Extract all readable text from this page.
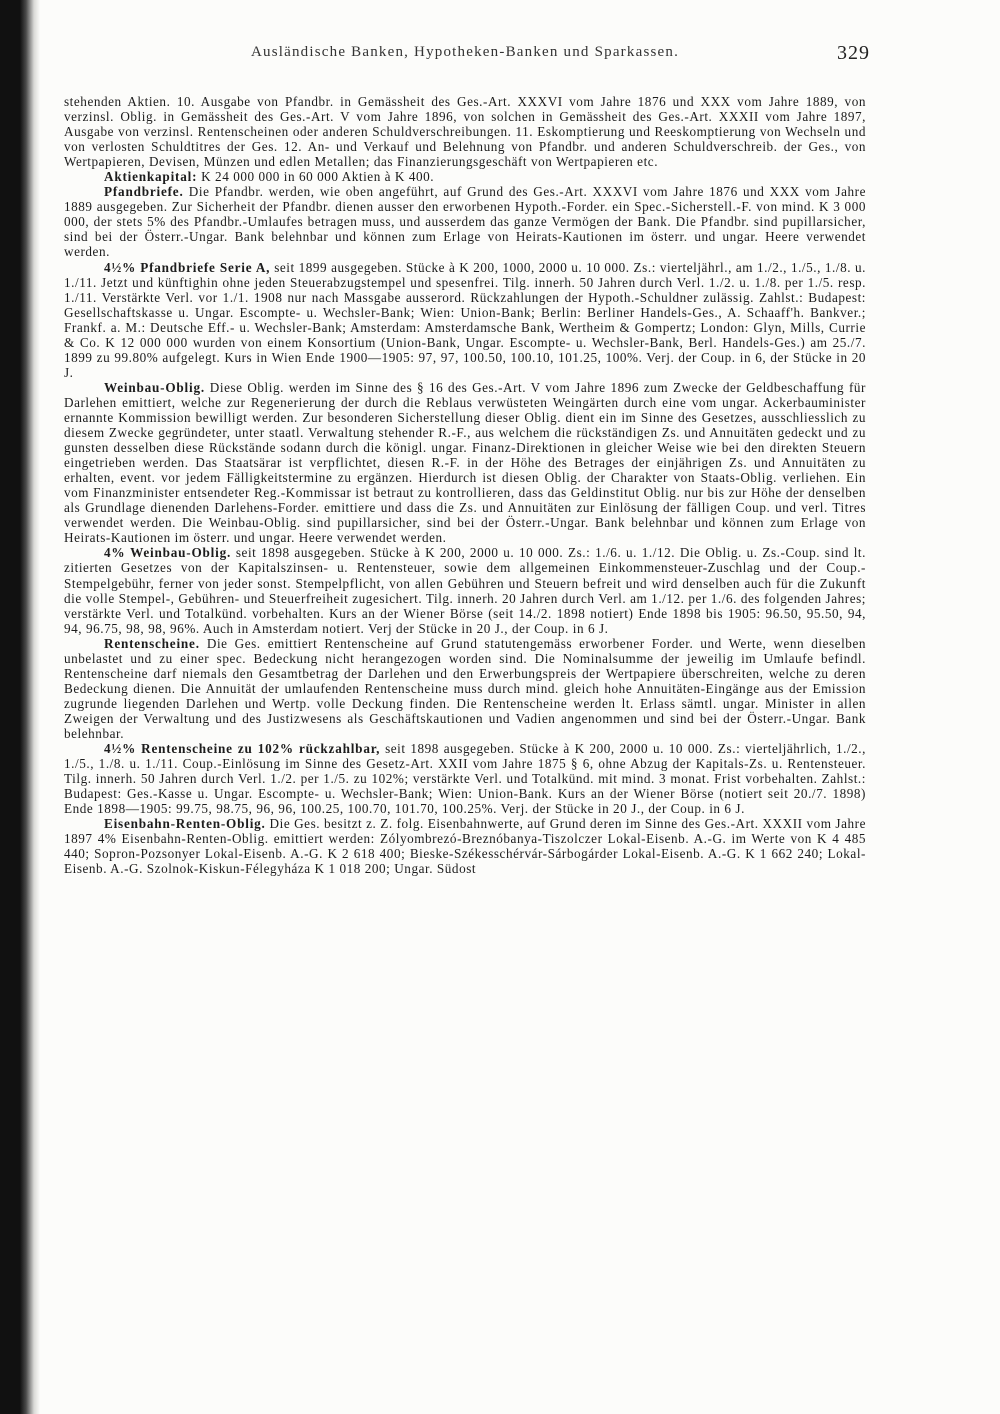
Ausländische Banken, Hypotheken-Banken und Sparkassen.	329

stehenden Aktien. 10. Ausgabe von Pfandbr. in Gemässheit des Ges.-Art. XXXVI vom Jahre 1876 und XXX vom Jahre 1889, von verzinsl. Oblig. in Gemässheit des Ges.-Art. V vom Jahre 1896, von solchen in Gemässheit des Ges.-Art. XXXII vom Jahre 1897, Ausgabe von verzinsl. Rentenscheinen oder anderen Schuldverschreibungen. 11. Eskomptierung und Reeskomptierung von Wechseln und von verlosten Schuldtitres der Ges. 12. An- und Verkauf und Belehnung von Pfandbr. und anderen Schuldverschreib. der Ges., von Wertpapieren, Devisen, Münzen und edlen Metallen; das Finanzierungsgeschäft von Wertpapieren etc.

Aktienkapital: K 24 000 000 in 60 000 Aktien à K 400.

Pfandbriefe. Die Pfandbr. werden, wie oben angeführt, auf Grund des Ges.-Art. XXXVI vom Jahre 1876 und XXX vom Jahre 1889 ausgegeben. Zur Sicherheit der Pfandbr. dienen ausser den erworbenen Hypoth.-Forder. ein Spec.-Sicherstell.-F. von mind. K 3 000 000, der stets 5% des Pfandbr.-Umlaufes betragen muss, und ausserdem das ganze Vermögen der Bank. Die Pfandbr. sind pupillarsicher, sind bei der Österr.-Ungar. Bank belehnbar und können zum Erlage von Heirats-Kautionen im österr. und ungar. Heere verwendet werden.

4½% Pfandbriefe Serie A, seit 1899 ausgegeben. Stücke à K 200, 1000, 2000 u. 10 000. Zs.: vierteljährl., am 1./2., 1./5., 1./8. u. 1./11. Jetzt und künftighin ohne jeden Steuerabzugstempel und spesenfrei. Tilg. innerh. 50 Jahren durch Verl. 1./2. u. 1./8. per 1./5. resp. 1./11. Verstärkte Verl. vor 1./1. 1908 nur nach Massgabe ausserord. Rückzahlungen der Hypoth.-Schuldner zulässig. Zahlst.: Budapest: Gesellschaftskasse u. Ungar. Escompte- u. Wechsler-Bank; Wien: Union-Bank; Berlin: Berliner Handels-Ges., A. Schaaff'h. Bankver.; Frankf. a. M.: Deutsche Eff.- u. Wechsler-Bank; Amsterdam: Amsterdamsche Bank, Wertheim & Gompertz; London: Glyn, Mills, Currie & Co. K 12 000 000 wurden von einem Konsortium (Union-Bank, Ungar. Escompte- u. Wechsler-Bank, Berl. Handels-Ges.) am 25./7. 1899 zu 99.80% aufgelegt. Kurs in Wien Ende 1900—1905: 97, 97, 100.50, 100.10, 101.25, 100%. Verj. der Coup. in 6, der Stücke in 20 J.

Weinbau-Oblig. Diese Oblig. werden im Sinne des § 16 des Ges.-Art. V vom Jahre 1896 zum Zwecke der Geldbeschaffung für Darlehen emittiert, welche zur Regenerierung der durch die Reblaus verwüsteten Weingärten durch eine vom ungar. Ackerbauminister ernannte Kommission bewilligt werden. Zur besonderen Sicherstellung dieser Oblig. dient ein im Sinne des Gesetzes, ausschliesslich zu diesem Zwecke gegründeter, unter staatl. Verwaltung stehender R.-F., aus welchem die rückständigen Zs. und Annuitäten gedeckt und zu gunsten desselben diese Rückstände sodann durch die königl. ungar. Finanz-Direktionen in gleicher Weise wie bei den direkten Steuern eingetrieben werden. Das Staatsärar ist verpflichtet, diesen R.-F. in der Höhe des Betrages der einjährigen Zs. und Annuitäten zu erhalten, event. vor jedem Fälligkeitstermine zu ergänzen. Hierdurch ist diesen Oblig. der Charakter von Staats-Oblig. verliehen. Ein vom Finanzminister entsendeter Reg.-Kommissar ist betraut zu kontrollieren, dass das Geldinstitut Oblig. nur bis zur Höhe der denselben als Grundlage dienenden Darlehens-Forder. emittiere und dass die Zs. und Annuitäten zur Einlösung der fälligen Coup. und verl. Titres verwendet werden. Die Weinbau-Oblig. sind pupillarsicher, sind bei der Österr.-Ungar. Bank belehnbar und können zum Erlage von Heirats-Kautionen im österr. und ungar. Heere verwendet werden.

4% Weinbau-Oblig. seit 1898 ausgegeben. Stücke à K 200, 2000 u. 10 000. Zs.: 1./6. u. 1./12. Die Oblig. u. Zs.-Coup. sind lt. zitierten Gesetzes von der Kapitalszinsen- u. Rentensteuer, sowie dem allgemeinen Einkommensteuer-Zuschlag und der Coup.-Stempelgebühr, ferner von jeder sonst. Stempelpflicht, von allen Gebühren und Steuern befreit und wird denselben auch für die Zukunft die volle Stempel-, Gebühren- und Steuerfreiheit zugesichert. Tilg. innerh. 20 Jahren durch Verl. am 1./12. per 1./6. des folgenden Jahres; verstärkte Verl. und Totalkünd. vorbehalten. Kurs an der Wiener Börse (seit 14./2. 1898 notiert) Ende 1898 bis 1905: 96.50, 95.50, 94, 94, 96.75, 98, 98, 96%. Auch in Amsterdam notiert. Verj der Stücke in 20 J., der Coup. in 6 J.

Rentenscheine. Die Ges. emittiert Rentenscheine auf Grund statutengemäss erworbener Forder. und Werte, wenn dieselben unbelastet und zu einer spec. Bedeckung nicht herangezogen worden sind. Die Nominalsumme der jeweilig im Umlaufe befindl. Rentenscheine darf niemals den Gesamtbetrag der Darlehen und den Erwerbungspreis der Wertpapiere überschreiten, welche zu deren Bedeckung dienen. Die Annuität der umlaufenden Rentenscheine muss durch mind. gleich hohe Annuitäten-Eingänge aus der Emission zugrunde liegenden Darlehen und Wertp. volle Deckung finden. Die Rentenscheine werden lt. Erlass sämtl. ungar. Minister in allen Zweigen der Verwaltung und des Justizwesens als Geschäftskautionen und Vadien angenommen und sind bei der Österr.-Ungar. Bank belehnbar.

4½% Rentenscheine zu 102% rückzahlbar, seit 1898 ausgegeben. Stücke à K 200, 2000 u. 10 000. Zs.: vierteljährlich, 1./2., 1./5., 1./8. u. 1./11. Coup.-Einlösung im Sinne des Gesetz-Art. XXII vom Jahre 1875 § 6, ohne Abzug der Kapitals-Zs. u. Rentensteuer. Tilg. innerh. 50 Jahren durch Verl. 1./2. per 1./5. zu 102%; verstärkte Verl. und Totalkünd. mit mind. 3 monat. Frist vorbehalten. Zahlst.: Budapest: Ges.-Kasse u. Ungar. Escompte- u. Wechsler-Bank; Wien: Union-Bank. Kurs an der Wiener Börse (notiert seit 20./7. 1898) Ende 1898—1905: 99.75, 98.75, 96, 96, 100.25, 100.70, 101.70, 100.25%. Verj. der Stücke in 20 J., der Coup. in 6 J.

Eisenbahn-Renten-Oblig. Die Ges. besitzt z. Z. folg. Eisenbahnwerte, auf Grund deren im Sinne des Ges.-Art. XXXII vom Jahre 1897 4% Eisenbahn-Renten-Oblig. emittiert werden: Zólyombrezó-Breznóbanya-Tiszolczer Lokal-Eisenb. A.-G. im Werte von K 4 485 440; Sopron-Pozsonyer Lokal-Eisenb. A.-G. K 2 618 400; Bieske-Székesschérvár-Sárbogárder Lokal-Eisenb. A.-G. K 1 662 240; Lokal-Eisenb. A.-G. Szolnok-Kiskun-Félegyháza K 1 018 200; Ungar. Südost
